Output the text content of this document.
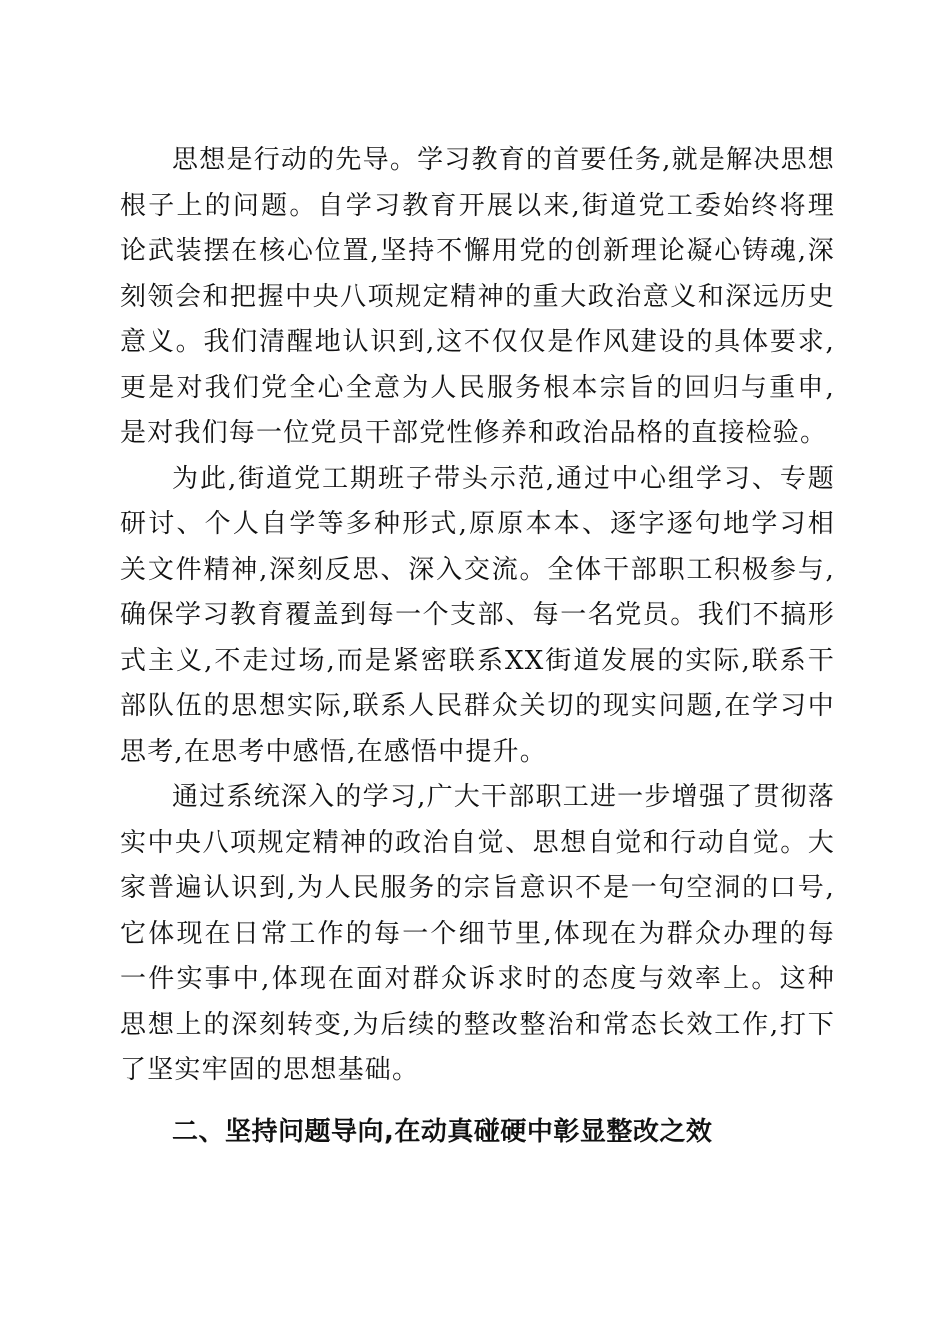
思想是行动的先导。学习教育的首要任务,就是解决思想根子上的问题。自学习教育开展以来,街道党工委始终将理论武装摆在核心位置,坚持不懈用党的创新理论凝心铸魂,深刻领会和把握中央八项规定精神的重大政治意义和深远历史意义。我们清醒地认识到,这不仅仅是作风建设的具体要求,更是对我们党全心全意为人民服务根本宗旨的回归与重申,是对我们每一位党员干部党性修养和政治品格的直接检验。

为此,街道党工期班子带头示范,通过中心组学习、专题研讨、个人自学等多种形式,原原本本、逐字逐句地学习相关文件精神,深刻反思、深入交流。全体干部职工积极参与,确保学习教育覆盖到每一个支部、每一名党员。我们不搞形式主义,不走过场,而是紧密联系XX街道发展的实际,联系干部队伍的思想实际,联系人民群众关切的现实问题,在学习中思考,在思考中感悟,在感悟中提升。

通过系统深入的学习,广大干部职工进一步增强了贯彻落实中央八项规定精神的政治自觉、思想自觉和行动自觉。大家普遍认识到,为人民服务的宗旨意识不是一句空洞的口号,它体现在日常工作的每一个细节里,体现在为群众办理的每一件实事中,体现在面对群众诉求时的态度与效率上。这种思想上的深刻转变,为后续的整改整治和常态长效工作,打下了坚实牢固的思想基础。

二、坚持问题导向,在动真碰硬中彰显整改之效
